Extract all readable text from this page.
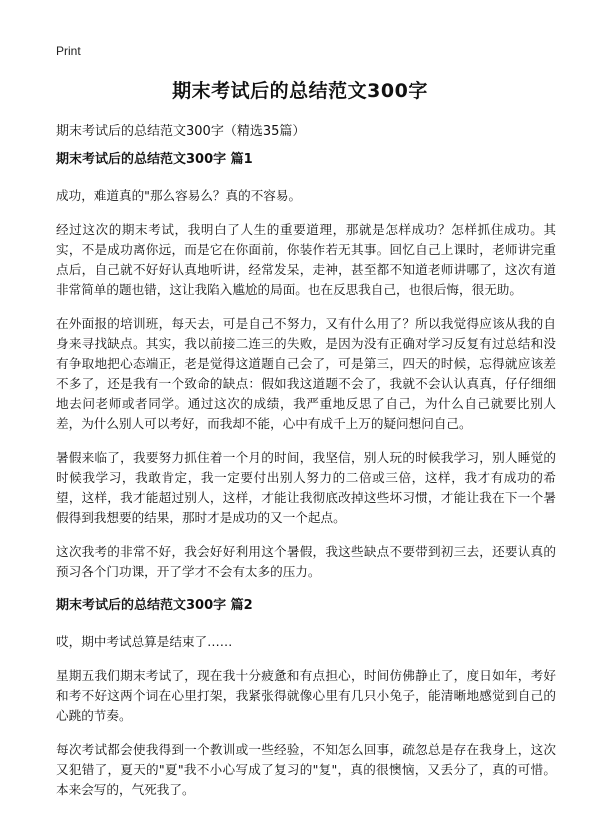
Print
期末考试后的总结范文300字

期末考试后的总结范文300字（精选35篇）

期末考试后的总结范文300字 篇1

成功，难道真的"那么容易么？真的不容易。

经过这次的期末考试，我明白了人生的重要道理，那就是怎样成功？怎样抓住成功。其实，不是成功离你远，而是它在你面前，你装作若无其事。回忆自己上课时，老师讲完重点后，自己就不好好认真地听讲，经常发呆，走神，甚至都不知道老师讲哪了，这次有道非常简单的题也错，这让我陷入尴尬的局面。也在反思我自己，也很后悔，很无助。

在外面报的培训班，每天去，可是自己不努力，又有什么用了？所以我觉得应该从我的自身来寻找缺点。其实，我以前接二连三的失败，是因为没有正确对学习反复有过总结和没有争取地把心态端正，老是觉得这道题自己会了，可是第三，四天的时候，忘得就应该差不多了，还是我有一个致命的缺点：假如我这道题不会了，我就不会认认真真，仔仔细细地去问老师或者同学。通过这次的成绩，我严重地反思了自己，为什么自己就要比别人差，为什么别人可以考好，而我却不能，心中有成千上万的疑问想问自己。

暑假来临了，我要努力抓住着一个月的时间，我坚信，别人玩的时候我学习，别人睡觉的时候我学习，我敢肯定，我一定要付出别人努力的二倍或三倍，这样，我才有成功的希望，这样，我才能超过别人，这样，才能让我彻底改掉这些坏习惯，才能让我在下一个暑假得到我想要的结果，那时才是成功的又一个起点。

这次我考的非常不好，我会好好利用这个暑假，我这些缺点不要带到初三去，还要认真的预习各个门功课，开了学才不会有太多的压力。

期末考试后的总结范文300字 篇2

哎，期中考试总算是结束了……

星期五我们期末考试了，现在我十分疲惫和有点担心，时间仿佛静止了，度日如年，考好和考不好这两个词在心里打架，我紧张得就像心里有几只小兔子，能清晰地感觉到自己的心跳的节奏。

每次考试都会使我得到一个教训或一些经验，不知怎么回事，疏忽总是存在我身上，这次又犯错了，夏天的"夏"我不小心写成了复习的"复"，真的很懊恼，又丢分了，真的可惜。本来会写的，气死我了。
